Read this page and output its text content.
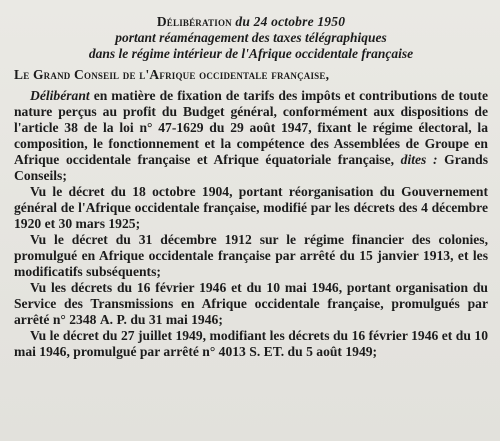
Délibération du 24 octobre 1950
portant réaménagement des taxes télégraphiques
dans le régime intérieur de l'Afrique occidentale française
Le Grand Conseil de l'Afrique occidentale française,

Délibérant en matière de fixation de tarifs des impôts et contributions de toute nature perçus au profit du Budget général, conformément aux dispositions de l'article 38 de la loi n° 47-1629 du 29 août 1947, fixant le régime électoral, la composition, le fonctionnement et la compétence des Assemblées de Groupe en Afrique occidentale française et Afrique équatoriale française, dites : Grands Conseils;

Vu le décret du 18 octobre 1904, portant réorganisation du Gouvernement général de l'Afrique occidentale française, modifié par les décrets des 4 décembre 1920 et 30 mars 1925;

Vu le décret du 31 décembre 1912 sur le régime financier des colonies, promulgué en Afrique occidentale française par arrêté du 15 janvier 1913, et les modificatifs subséquents;

Vu les décrets du 16 février 1946 et du 10 mai 1946, portant organisation du Service des Transmissions en Afrique occidentale française, promulgués par arrêté n° 2348 A. P. du 31 mai 1946;

Vu le décret du 27 juillet 1949, modifiant les décrets du 16 février 1946 et du 10 mai 1946, promulgué par arrêté n° 4013 S. ET. du 5 août 1949;
